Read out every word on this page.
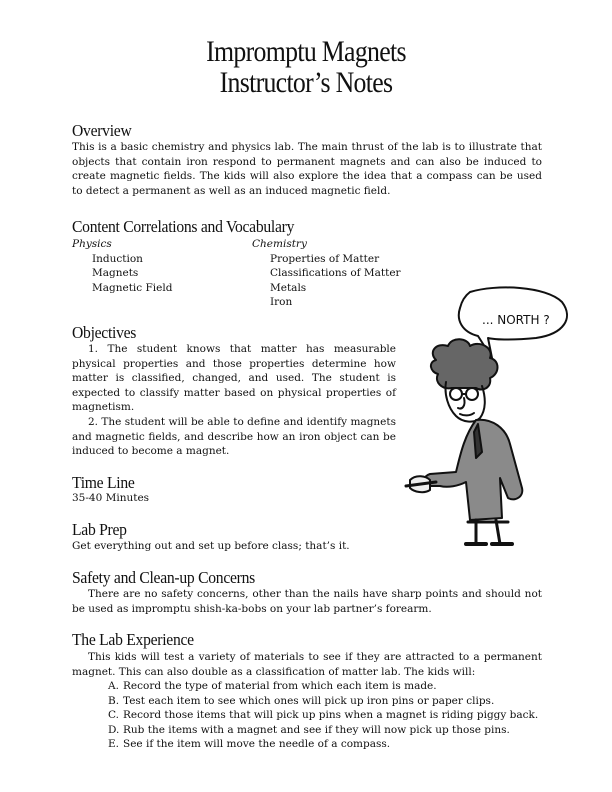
Impromptu Magnets
Instructor’s Notes
Overview

This is a basic chemistry and physics lab. The main thrust of the lab is to illustrate that objects that contain iron respond to permanent magnets and can also be induced to create magnetic fields. The kids will also explore the idea that a compass can be used to detect a permanent as well as an induced magnetic field.

Content Correlations and Vocabulary
Physics
Induction
Magnets
Magnetic Field
Chemistry
Properties of Matter
Classifications of Matter
Metals
Iron
Objectives

1. The student knows that matter has measurable physical properties and those properties determine how matter is classified, changed, and used. The student is expected to classify matter based on physical properties of magnetism.

2. The student will be able to define and identify magnets and magnetic fields, and describe how an iron object can be induced to become a magnet.

Time Line
35-40 Minutes
Lab Prep
Get everything out and set up before class; that’s it.
Safety and Clean-up Concerns

There are no safety concerns, other than the nails have sharp points and should not be used as impromptu shish-ka-bobs on your lab partner’s forearm.

The Lab Experience

This kids will test a variety of materials to see if they are attracted to a permanent magnet. This can also double as a classification of matter lab. The kids will:

A. Record the type of material from which each item is made.
B. Test each item to see which ones will pick up iron pins or paper clips.
C. Record those items that will pick up pins when a magnet is riding piggy back.
D. Rub the items with a magnet and see if they will now pick up those pins.
E. See if the item will move the needle of a compass.
... NORTH ?
